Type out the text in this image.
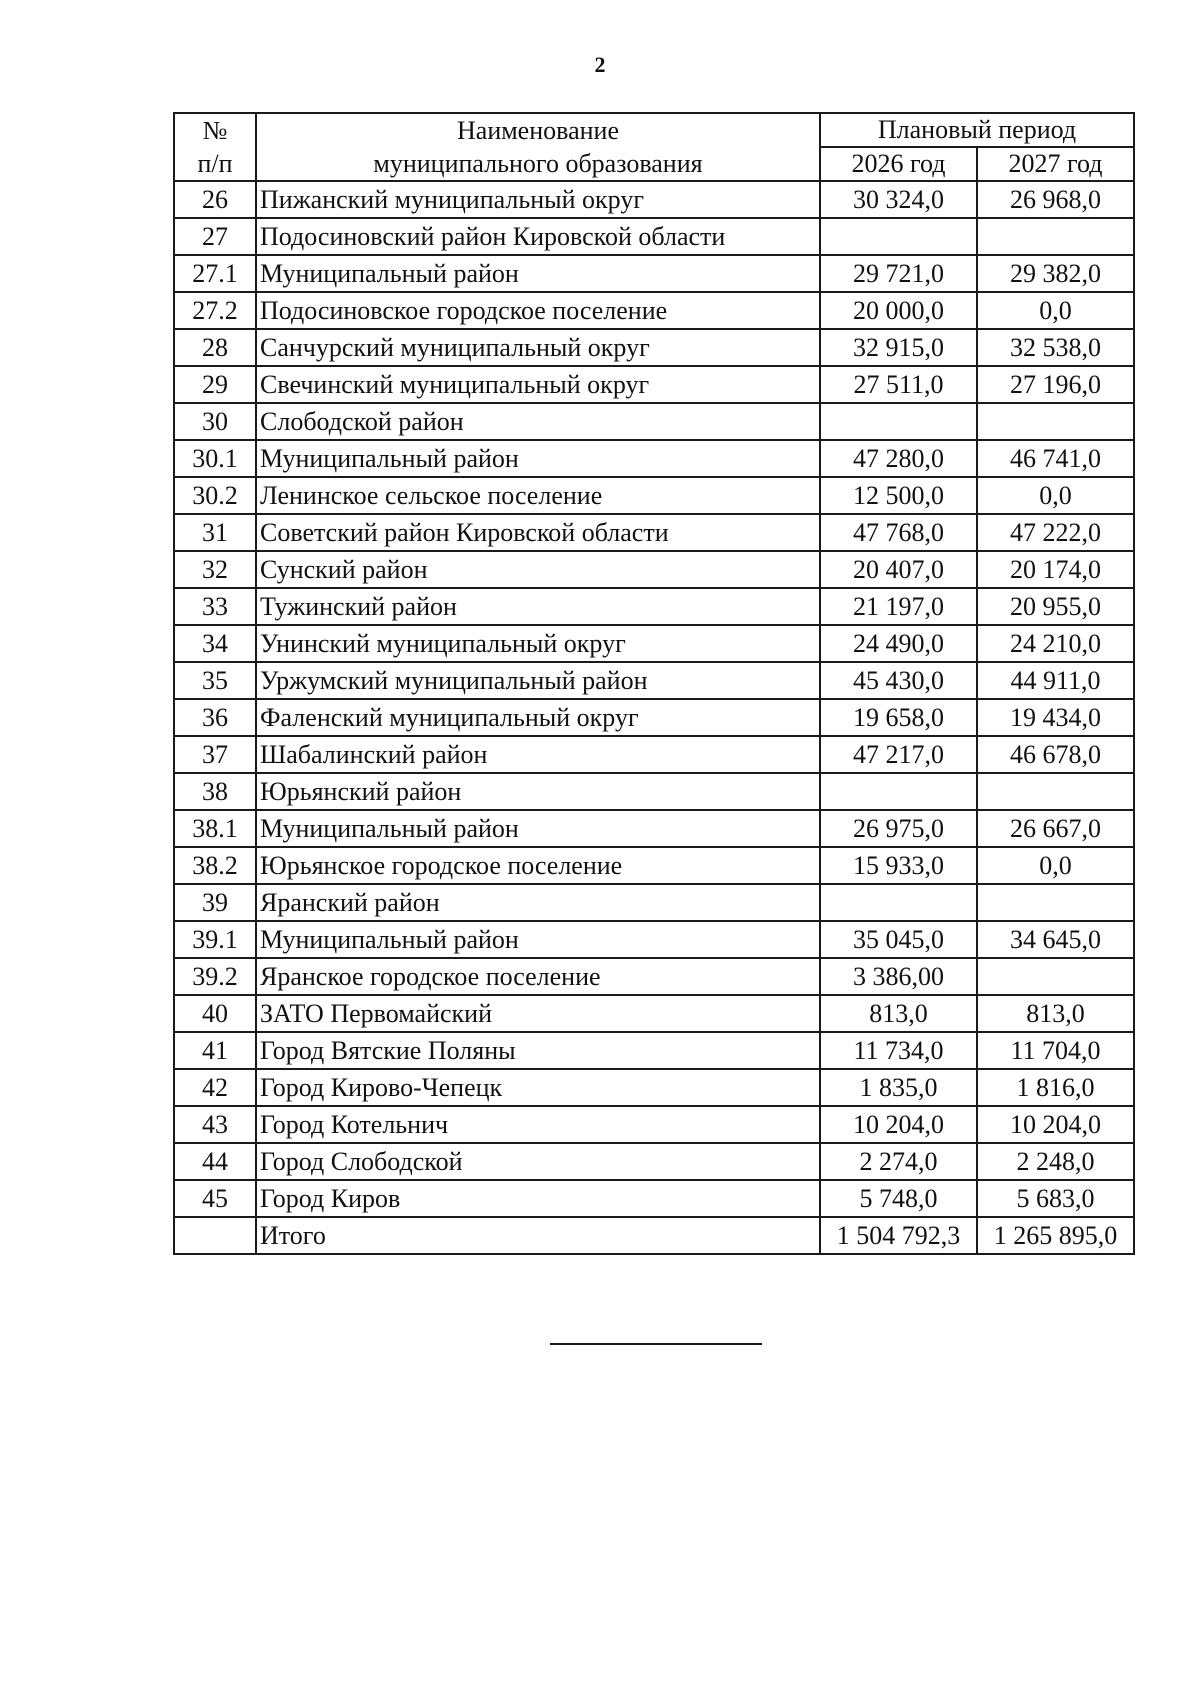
2
№	Наименование	Плановый период	
п/п	муниципального образования	2026 год	2027 год
26	Пижанский муниципальный округ	30 324,0	26 968,0
27	Подосиновский район Кировской области		
27.1	Муниципальный район	29 721,0	29 382,0
27.2	Подосиновское городское поселение	20 000,0	0,0
28	Санчурский муниципальный округ	32 915,0	32 538,0
29	Свечинский муниципальный округ	27 511,0	27 196,0
30	Слободской район		
30.1	Муниципальный район	47 280,0	46 741,0
30.2	Ленинское сельское поселение	12 500,0	0,0
31	Советский район Кировской области	47 768,0	47 222,0
32	Сунский район	20 407,0	20 174,0
33	Тужинский район	21 197,0	20 955,0
34	Унинский муниципальный округ	24 490,0	24 210,0
35	Уржумский муниципальный район	45 430,0	44 911,0
36	Фаленский муниципальный округ	19 658,0	19 434,0
37	Шабалинский район	47 217,0	46 678,0
38	Юрьянский район		
38.1	Муниципальный район	26 975,0	26 667,0
38.2	Юрьянское городское поселение	15 933,0	0,0
39	Яранский район		
39.1	Муниципальный район	35 045,0	34 645,0
39.2	Яранское городское поселение	3 386,00	
40	ЗАТО Первомайский	813,0	813,0
41	Город Вятские Поляны	11 734,0	11 704,0
42	Город Кирово-Чепецк	1 835,0	1 816,0
43	Город Котельнич	10 204,0	10 204,0
44	Город Слободской	2 274,0	2 248,0
45	Город Киров	5 748,0	5 683,0
	Итого	1 504 792,3	1 265 895,0
